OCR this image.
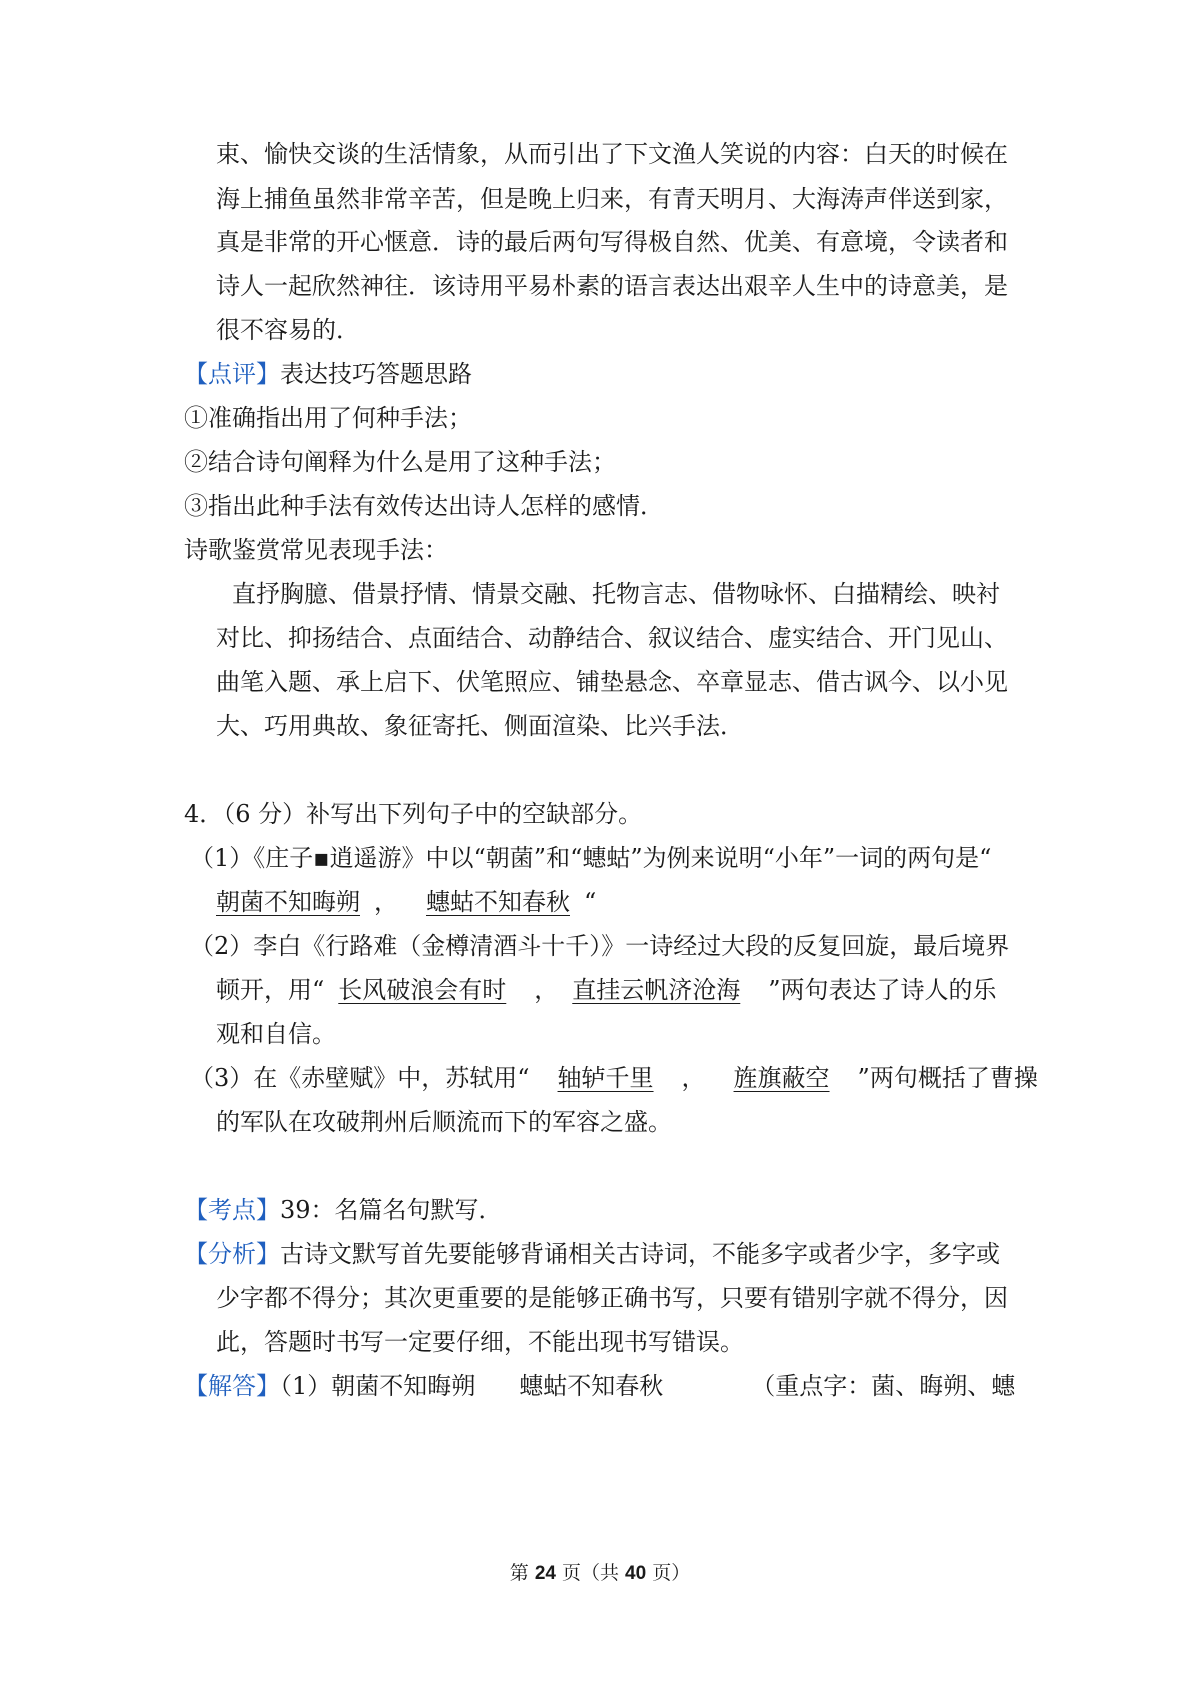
束、愉快交谈的生活情象，从而引出了下文渔人笑说的内容：白天的时候在
海上捕鱼虽然非常辛苦，但是晚上归来，有青天明月、大海涛声伴送到家，
真是非常的开心惬意．诗的最后两句写得极自然、优美、有意境，令读者和
诗人一起欣然神往．该诗用平易朴素的语言表达出艰辛人生中的诗意美，是
很不容易的．
【点评】表达技巧答题思路
①准确指出用了何种手法；
②结合诗句阐释为什么是用了这种手法；
③指出此种手法有效传达出诗人怎样的感情．
诗歌鉴赏常见表现手法：
直抒胸臆、借景抒情、情景交融、托物言志、借物咏怀、白描精绘、映衬
对比、抑扬结合、点面结合、动静结合、叙议结合、虚实结合、开门见山、
曲笔入题、承上启下、伏笔照应、铺垫悬念、卒章显志、借古讽今、以小见
大、巧用典故、象征寄托、侧面渲染、比兴手法．
4．（6 分）补写出下列句子中的空缺部分。
（1）《庄子▪逍遥游》中以“朝菌”和“蟪蛄”为例来说明“小年”一词的两句是“
朝菌不知晦朔 ， 蟪蛄不知春秋 “
（2）李白《行路难（金樽清酒斗十千）》一诗经过大段的反复回旋，最后境界
顿开，用“ 长风破浪会有时 ， 直挂云帆济沧海 ”两句表达了诗人的乐
观和自信。
（3）在《赤壁赋》中，苏轼用“ 轴轳千里 ， 旌旗蔽空 ”两句概括了曹操
的军队在攻破荆州后顺流而下的军容之盛。
【考点】39：名篇名句默写．
【分析】古诗文默写首先要能够背诵相关古诗词，不能多字或者少字，多字或
少字都不得分；其次更重要的是能够正确书写，只要有错别字就不得分，因
此，答题时书写一定要仔细，不能出现书写错误。
【解答】（1）朝菌不知晦朔 蟪蛄不知春秋	（重点字：菌、晦朔、蟪
第 24 页（共 40 页）
